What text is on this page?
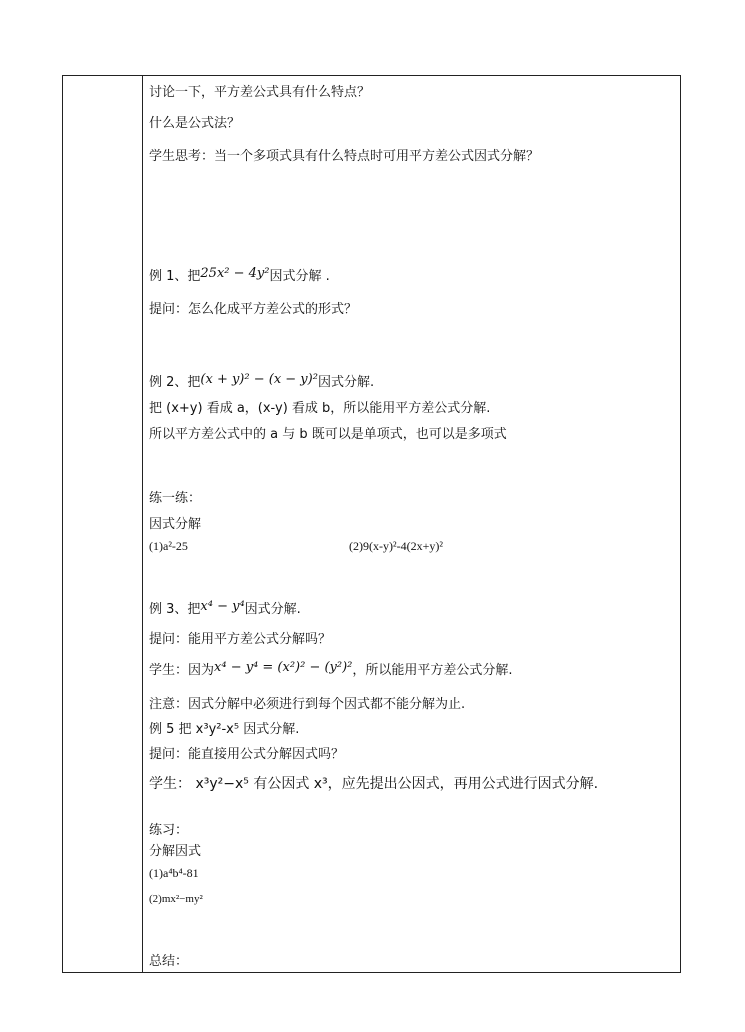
讨论一下，平方差公式具有什么特点？
什么是公式法？
学生思考：当一个多项式具有什么特点时可用平方差公式因式分解？
例 1、把25x² − 4y²因式分解 .
提问：怎么化成平方差公式的形式？
例 2、把(x + y)² − (x − y)²因式分解.
把 (x+y) 看成 a，(x-y) 看成 b，所以能用平方差公式分解.
所以平方差公式中的 a 与 b 既可以是单项式，也可以是多项式
练一练：
因式分解
(1)a²-25	(2)9(x-y)²-4(2x+y)²
例 3、把x⁴ − y⁴因式分解.
提问：能用平方差公式分解吗？
学生：因为x⁴ − y⁴ = (x²)² − (y²)²，所以能用平方差公式分解.
注意：因式分解中必须进行到每个因式都不能分解为止.
例 5 把 x³y²-x⁵ 因式分解.
提问：能直接用公式分解因式吗？
学生： x³y²−x⁵ 有公因式 x³，应先提出公因式，再用公式进行因式分解.
练习：
分解因式
(1)a⁴b⁴-81
(2)mx²−my²
总结：
